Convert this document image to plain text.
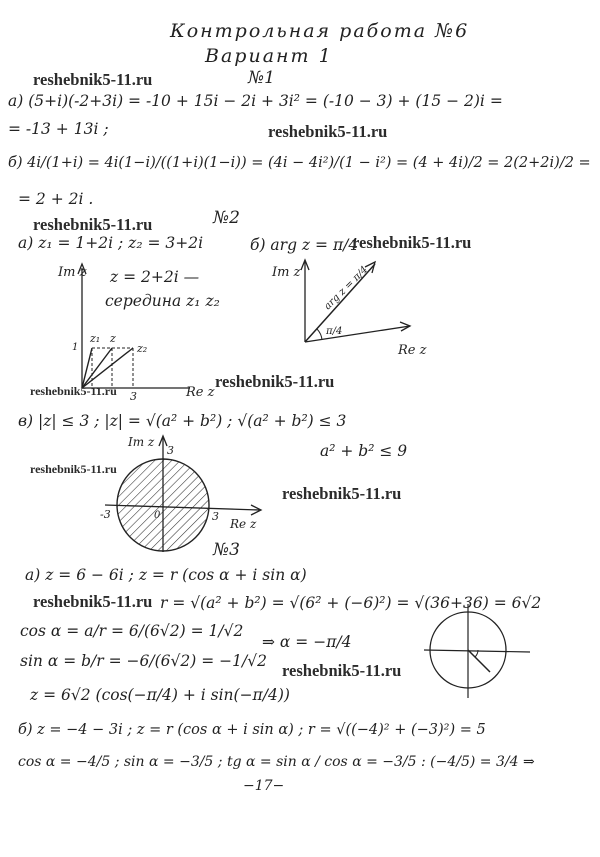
Контрольная работа №6
Вариант 1
№1
а) (5+i)(-2+3i) = -10 + 15i − 2i + 3i² = (-10 − 3) + (15 − 2)i =
= -13 + 13i ;
б) 4i/(1+i) = 4i(1−i)/((1+i)(1−i)) = (4i − 4i²)/(1 − i²) = (4 + 4i)/2 = 2(2+2i)/2 =
= 2 + 2i .
№2
а) z₁ = 1+2i ; z₂ = 3+2i	б) arg z = π/4
Im z
Re z
1
3
z₁ z
z₂
z = 2+2i —
середина z₁ z₂
Im z
Re z
arg z = π/4
π/4
в) |z| ≤ 3 ; |z| = √(a² + b²) ; √(a² + b²) ≤ 3
a² + b² ≤ 9
Im z
Re z
-3	3
3
0
№3
а) z = 6 − 6i ; z = r (cos α + i sin α)
r = √(a² + b²) = √(6² + (−6)²) = √(36+36) = 6√2
cos α = a/r = 6/(6√2) = 1/√2
sin α = b/r = −6/(6√2) = −1/√2
⇒ α = −π/4
z = 6√2 (cos(−π/4) + i sin(−π/4))
б) z = −4 − 3i ; z = r (cos α + i sin α) ; r = √((−4)² + (−3)²) = 5
cos α = −4/5 ; sin α = −3/5 ; tg α = sin α / cos α = −3/5 : (−4/5) = 3/4 ⇒
−17−
reshebnik5-11.ru
reshebnik5-11.ru
reshebnik5-11.ru
reshebnik5-11.ru
reshebnik5-11.ru
reshebnik5-11.ru
reshebnik5-11.ru
reshebnik5-11.ru
reshebnik5-11.ru
reshebnik5-11.ru
